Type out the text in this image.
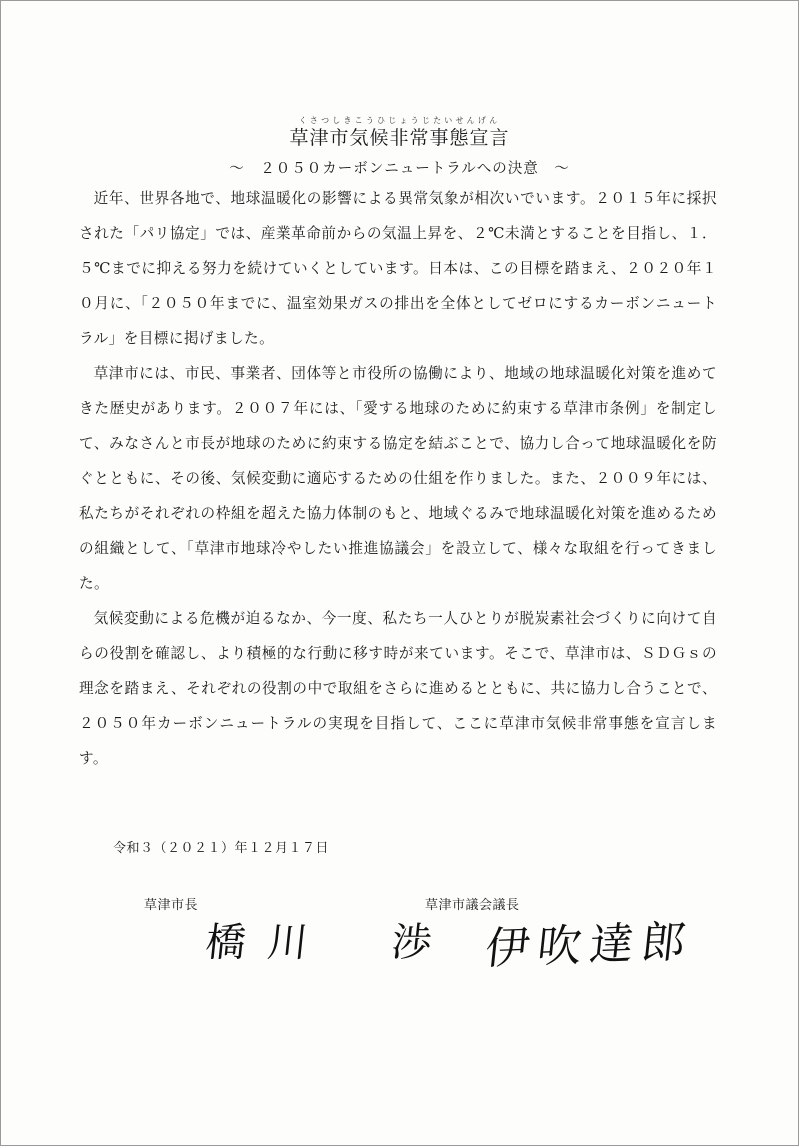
くさつしきこうひじょうじたいせんげん
草津市気候非常事態宣言
～　２０５０カーボンニュートラルへの決意　～

近年、世界各地で、地球温暖化の影響による異常気象が相次いでいます。２０１５年に採択された「パリ協定」では、産業革命前からの気温上昇を、２℃未満とすることを目指し、１．５℃までに抑える努力を続けていくとしています。日本は、この目標を踏まえ、２０２０年１０月に、「２０５０年までに、温室効果ガスの排出を全体としてゼロにするカーボンニュートラル」を目標に掲げました。

草津市には、市民、事業者、団体等と市役所の協働により、地域の地球温暖化対策を進めてきた歴史があります。２００７年には、「愛する地球のために約束する草津市条例」を制定して、みなさんと市長が地球のために約束する協定を結ぶことで、協力し合って地球温暖化を防ぐとともに、その後、気候変動に適応するための仕組を作りました。また、２００９年には、私たちがそれぞれの枠組を超えた協力体制のもと、地域ぐるみで地球温暖化対策を進めるための組織として、「草津市地球冷やしたい推進協議会」を設立して、様々な取組を行ってきました。

気候変動による危機が迫るなか、今一度、私たち一人ひとりが脱炭素社会づくりに向けて自らの役割を確認し、より積極的な行動に移す時が来ています。そこで、草津市は、ＳＤＧｓの理念を踏まえ、それぞれの役割の中で取組をさらに進めるとともに、共に協力し合うことで、２０５０年カーボンニュートラルの実現を目指して、ここに草津市気候非常事態を宣言します。

令和３（２０２１）年１２月１７日
草津市長	草津市議会議長
橋川　渉 伊吹達郎
